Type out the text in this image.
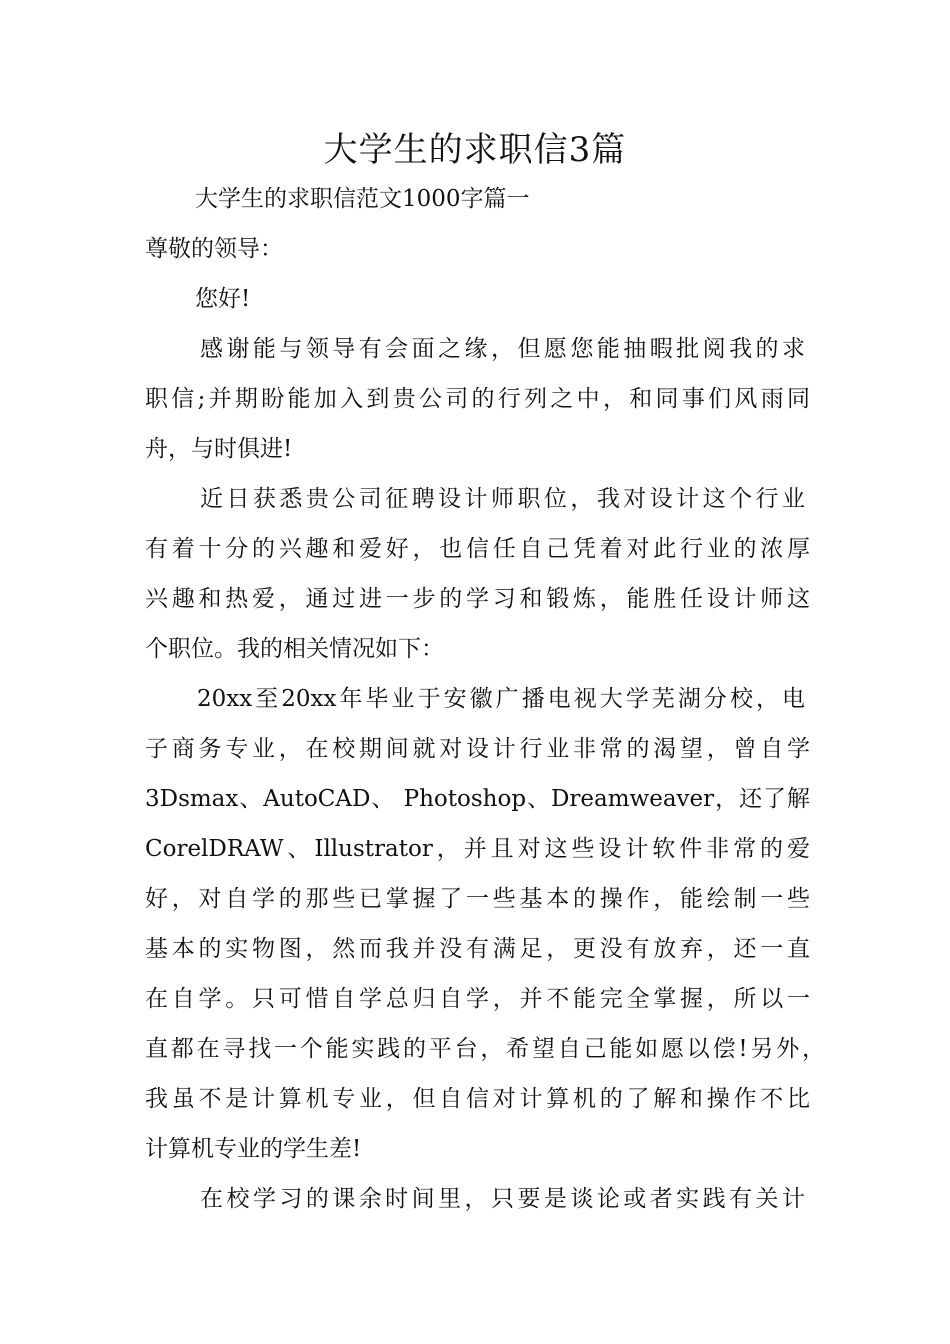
大学生的求职信3篇
大学生的求职信范文1000字篇一
尊敬的领导：
您好!
感谢能与领导有会面之缘，但愿您能抽暇批阅我的求
职信;并期盼能加入到贵公司的行列之中，和同事们风雨同
舟，与时俱进!
近日获悉贵公司征聘设计师职位，我对设计这个行业
有着十分的兴趣和爱好，也信任自己凭着对此行业的浓厚
兴趣和热爱，通过进一步的学习和锻炼，能胜任设计师这
个职位。我的相关情况如下：
20xx至20xx年毕业于安徽广播电视大学芜湖分校，电
子商务专业，在校期间就对设计行业非常的渴望，曾自学
3Dsmax、AutoCAD、 Photoshop、Dreamweaver，还了解
CorelDRAW、Illustrator，并且对这些设计软件非常的爱
好，对自学的那些已掌握了一些基本的操作，能绘制一些
基本的实物图，然而我并没有满足，更没有放弃，还一直
在自学。只可惜自学总归自学，并不能完全掌握，所以一
直都在寻找一个能实践的平台，希望自己能如愿以偿!另外，
我虽不是计算机专业，但自信对计算机的了解和操作不比
计算机专业的学生差!
在校学习的课余时间里，只要是谈论或者实践有关计
